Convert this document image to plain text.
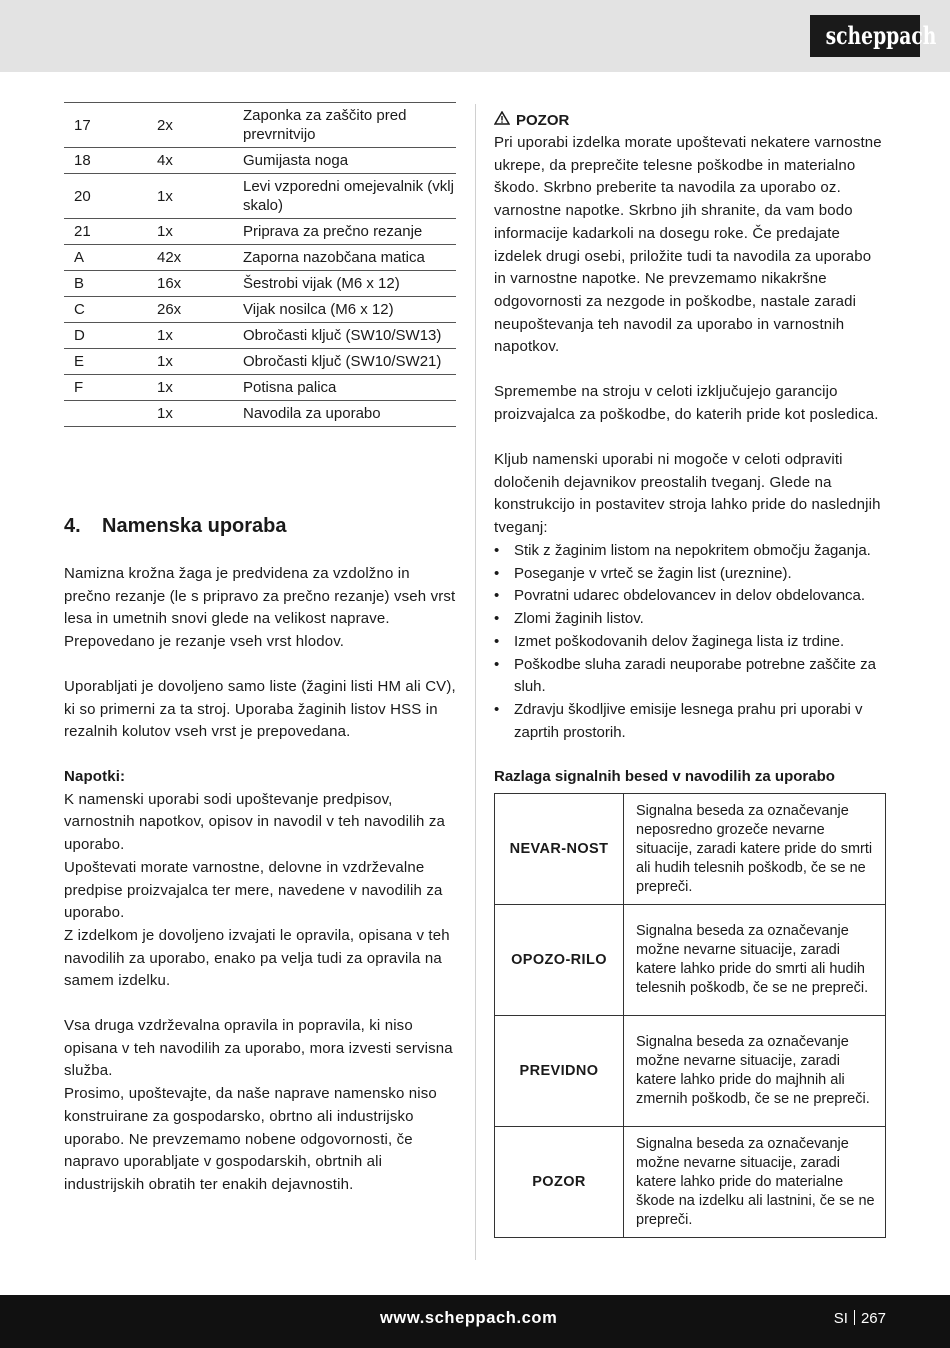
scheppach
17	2x	Zaponka za zaščito pred prevrnitvijo
18	4x	Gumijasta noga
20	1x	Levi vzporedni omejevalnik (vklj skalo)
21	1x	Priprava za prečno rezanje
A	42x	Zaporna nazobčana matica
B	16x	Šestrobi vijak (M6 x 12)
C	26x	Vijak nosilca (M6 x 12)
D	1x	Obročasti ključ (SW10/SW13)
E	1x	Obročasti ključ (SW10/SW21)
F	1x	Potisna palica
	1x	Navodila za uporabo
4. Namenska uporaba

Namizna krožna žaga je predvidena za vzdolžno in prečno rezanje (le s pripravo za prečno rezanje) vseh vrst lesa in umetnih snovi glede na velikost naprave. Prepovedano je rezanje vseh vrst hlodov.

Uporabljati je dovoljeno samo liste (žagini listi HM ali CV), ki so primerni za ta stroj. Uporaba žaginih listov HSS in rezalnih kolutov vseh vrst je prepovedana.

Napotki:

K namenski uporabi sodi upoštevanje predpisov, varnostnih napotkov, opisov in navodil v teh navodilih za uporabo.

Upoštevati morate varnostne, delovne in vzdrževalne predpise proizvajalca ter mere, navedene v navodilih za uporabo.

Z izdelkom je dovoljeno izvajati le opravila, opisana v teh navodilih za uporabo, enako pa velja tudi za opravila na samem izdelku.

Vsa druga vzdrževalna opravila in popravila, ki niso opisana v teh navodilih za uporabo, mora izvesti servisna služba.

Prosimo, upoštevajte, da naše naprave namensko niso konstruirane za gospodarsko, obrtno ali industrijsko uporabo. Ne prevzemamo nobene odgovornosti, če napravo uporabljate v gospodarskih, obrtnih ali industrijskih obratih ter enakih dejavnostih.

POZOR

Pri uporabi izdelka morate upoštevati nekatere varnostne ukrepe, da preprečite telesne poškodbe in materialno škodo. Skrbno preberite ta navodila za uporabo oz. varnostne napotke. Skrbno jih shranite, da vam bodo informacije kadarkoli na dosegu roke. Če predajate izdelek drugi osebi, priložite tudi ta navodila za uporabo in varnostne napotke. Ne prevzemamo nikakršne odgovornosti za nezgode in poškodbe, nastale zaradi neupoštevanja teh navodil za uporabo in varnostnih napotkov.

Spremembe na stroju v celoti izključujejo garancijo proizvajalca za poškodbe, do katerih pride kot posledica.

Kljub namenski uporabi ni mogoče v celoti odpraviti določenih dejavnikov preostalih tveganj. Glede na konstrukcijo in postavitev stroja lahko pride do naslednjih tveganj:

• Stik z žaginim listom na nepokritem območju žaganja.
• Poseganje v vrteč se žagin list (ureznine).
• Povratni udarec obdelovancev in delov obdelovanca.
• Zlomi žaginih listov.
• Izmet poškodovanih delov žaginega lista iz trdine.
• Poškodbe sluha zaradi neuporabe potrebne zaščite za sluh.
• Zdravju škodljive emisije lesnega prahu pri uporabi v zaprtih prostorih.
Razlaga signalnih besed v navodilih za uporabo
NEVAR-NOST	Signalna beseda za označevanje neposredno grozeče nevarne situacije, zaradi katere pride do smrti ali hudih telesnih poškodb, če se ne prepreči.
OPOZO-RILO	Signalna beseda za označevanje možne nevarne situacije, zaradi katere lahko pride do smrti ali hudih telesnih poškodb, če se ne prepreči.
PREVIDNO	Signalna beseda za označevanje možne nevarne situacije, zaradi katere lahko pride do majhnih ali zmernih poškodb, če se ne prepreči.
POZOR	Signalna beseda za označevanje možne nevarne situacije, zaradi katere lahko pride do materialne škode na izdelku ali lastnini, če se ne prepreči.
www.scheppach.com	SI 267
